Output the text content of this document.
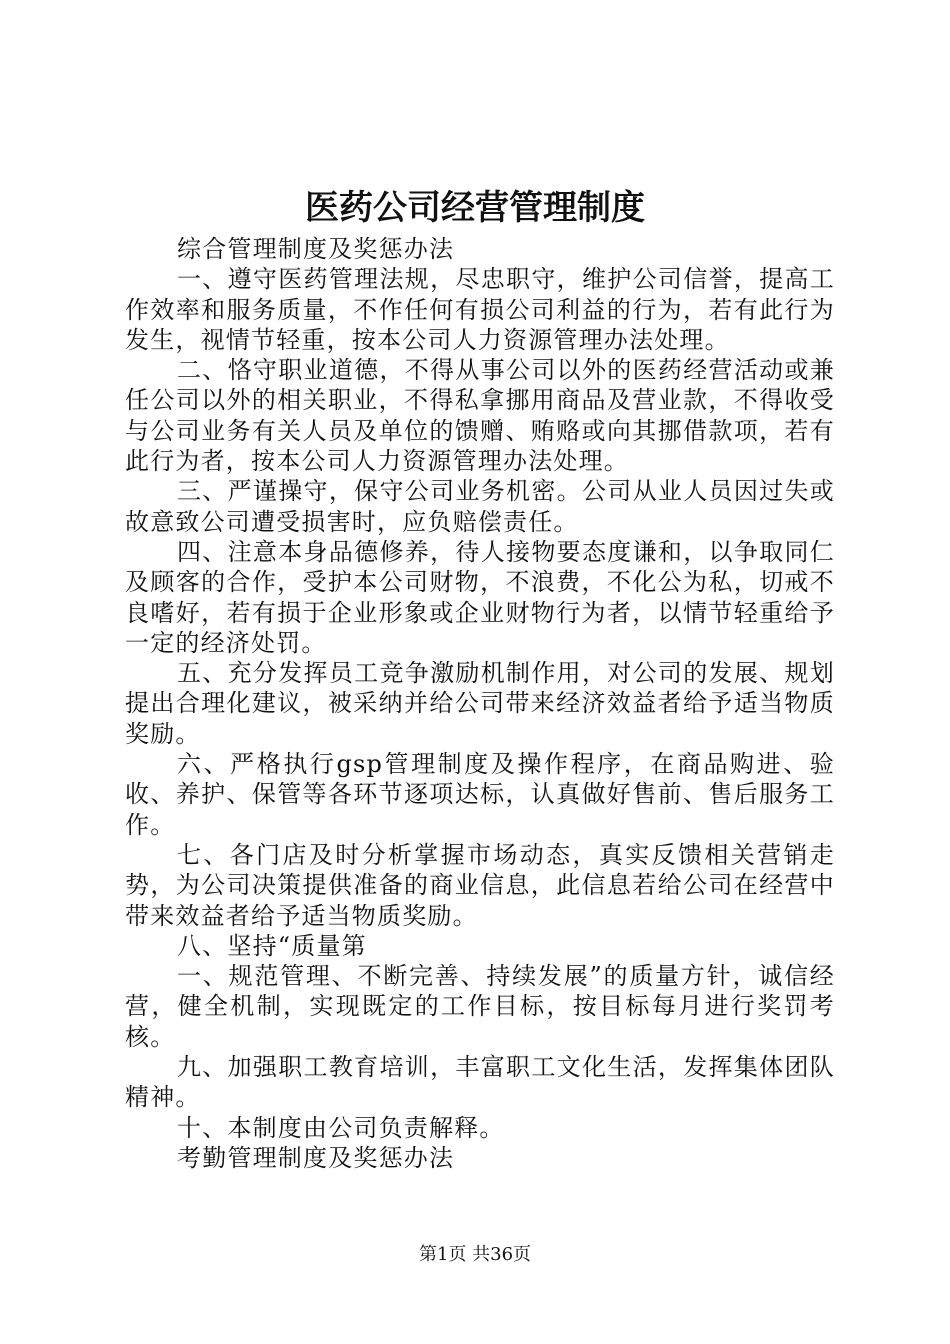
医药公司经营管理制度

综合管理制度及奖惩办法

一、遵守医药管理法规，尽忠职守，维护公司信誉，提高工作效率和服务质量，不作任何有损公司利益的行为，若有此行为发生，视情节轻重，按本公司人力资源管理办法处理。

二、恪守职业道德，不得从事公司以外的医药经营活动或兼任公司以外的相关职业，不得私拿挪用商品及营业款，不得收受与公司业务有关人员及单位的馈赠、贿赂或向其挪借款项，若有此行为者，按本公司人力资源管理办法处理。

三、严谨操守，保守公司业务机密。公司从业人员因过失或故意致公司遭受损害时，应负赔偿责任。

四、注意本身品德修养，待人接物要态度谦和，以争取同仁及顾客的合作，受护本公司财物，不浪费，不化公为私，切戒不良嗜好，若有损于企业形象或企业财物行为者，以情节轻重给予一定的经济处罚。

五、充分发挥员工竞争激励机制作用，对公司的发展、规划提出合理化建议，被采纳并给公司带来经济效益者给予适当物质奖励。

六、严格执行gsp管理制度及操作程序，在商品购进、验收、养护、保管等各环节逐项达标，认真做好售前、售后服务工作。

七、各门店及时分析掌握市场动态，真实反馈相关营销走势，为公司决策提供准备的商业信息，此信息若给公司在经营中带来效益者给予适当物质奖励。

八、坚持“质量第

一、规范管理、不断完善、持续发展”的质量方针，诚信经营，健全机制，实现既定的工作目标，按目标每月进行奖罚考核。

九、加强职工教育培训，丰富职工文化生活，发挥集体团队精神。

十、本制度由公司负责解释。

考勤管理制度及奖惩办法

第1页 共36页
